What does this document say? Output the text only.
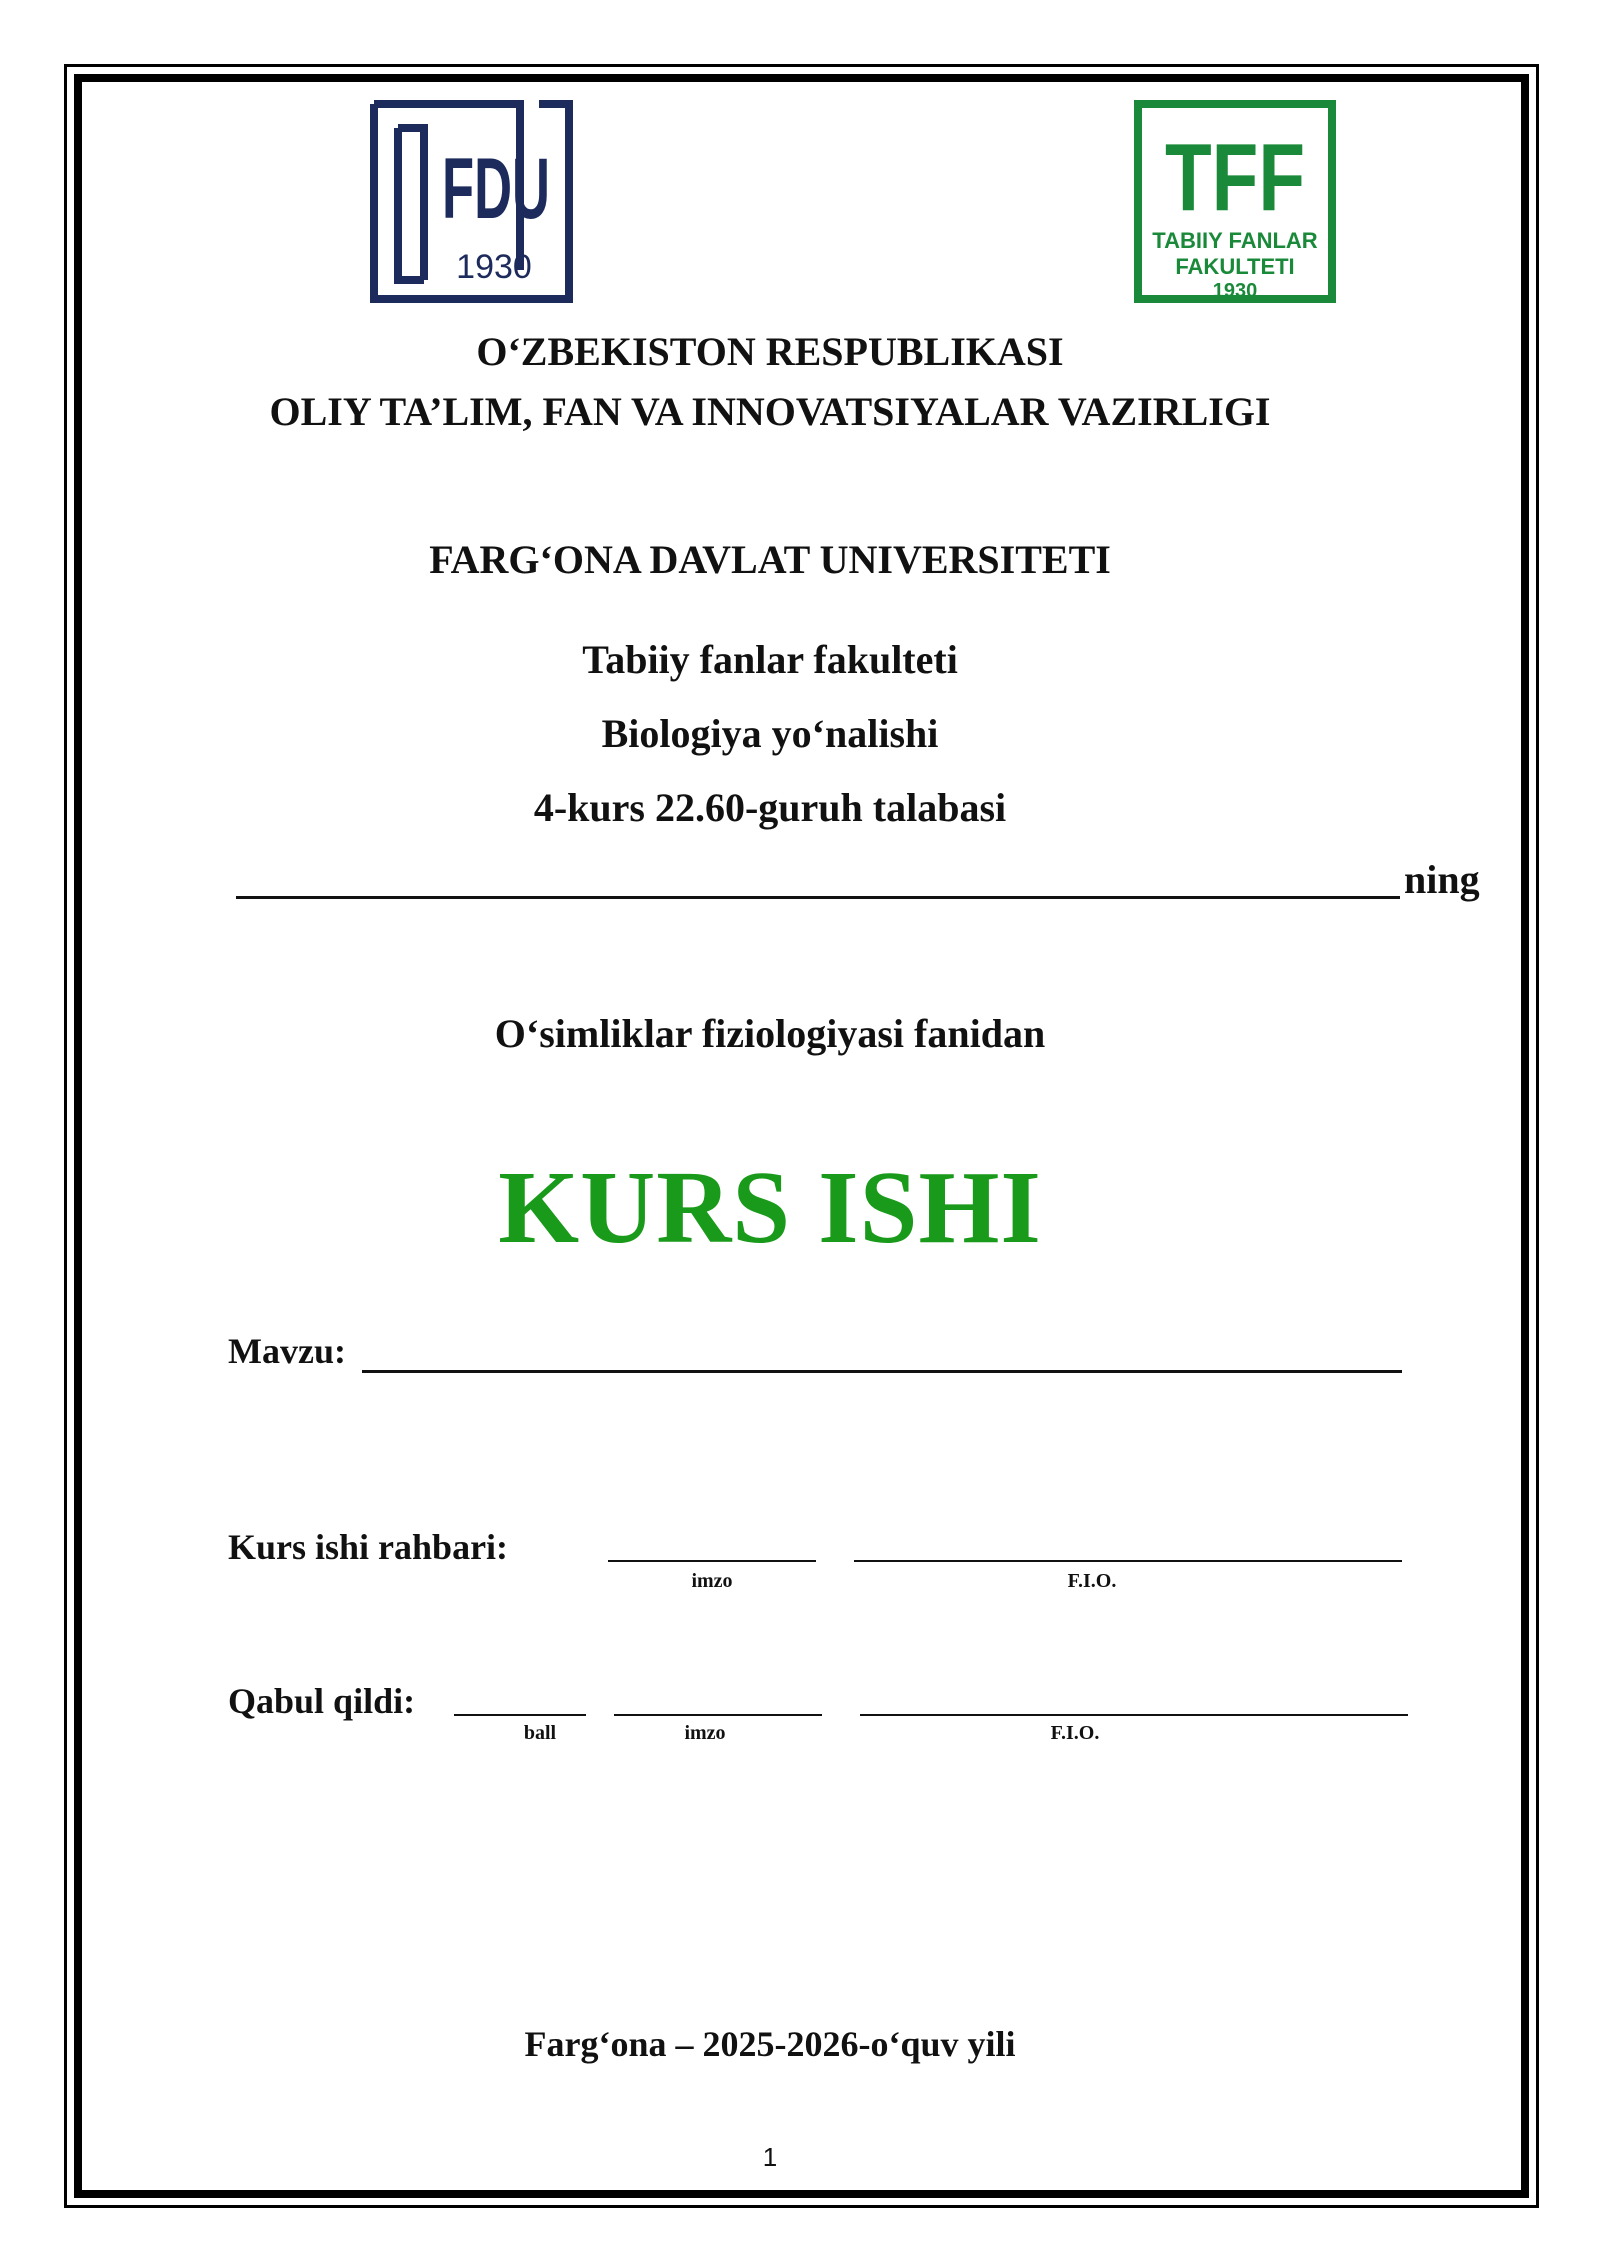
FDU
1930
TFF
TABIIY FANLAR
FAKULTETI
1930
O‘ZBEKISTON RESPUBLIKASI
OLIY TA’LIM, FAN VA INNOVATSIYALAR VAZIRLIGI
FARG‘ONA DAVLAT UNIVERSITETI
Tabiiy fanlar fakulteti
Biologiya yo‘nalishi
4-kurs 22.60-guruh talabasi
ning
O‘simliklar fiziologiyasi fanidan
KURS ISHI
Mavzu:
Kurs ishi rahbari:
imzo	F.I.O.
Qabul qildi:
ball	imzo	F.I.O.
Farg‘ona – 2025-2026-o‘quv yili
1
